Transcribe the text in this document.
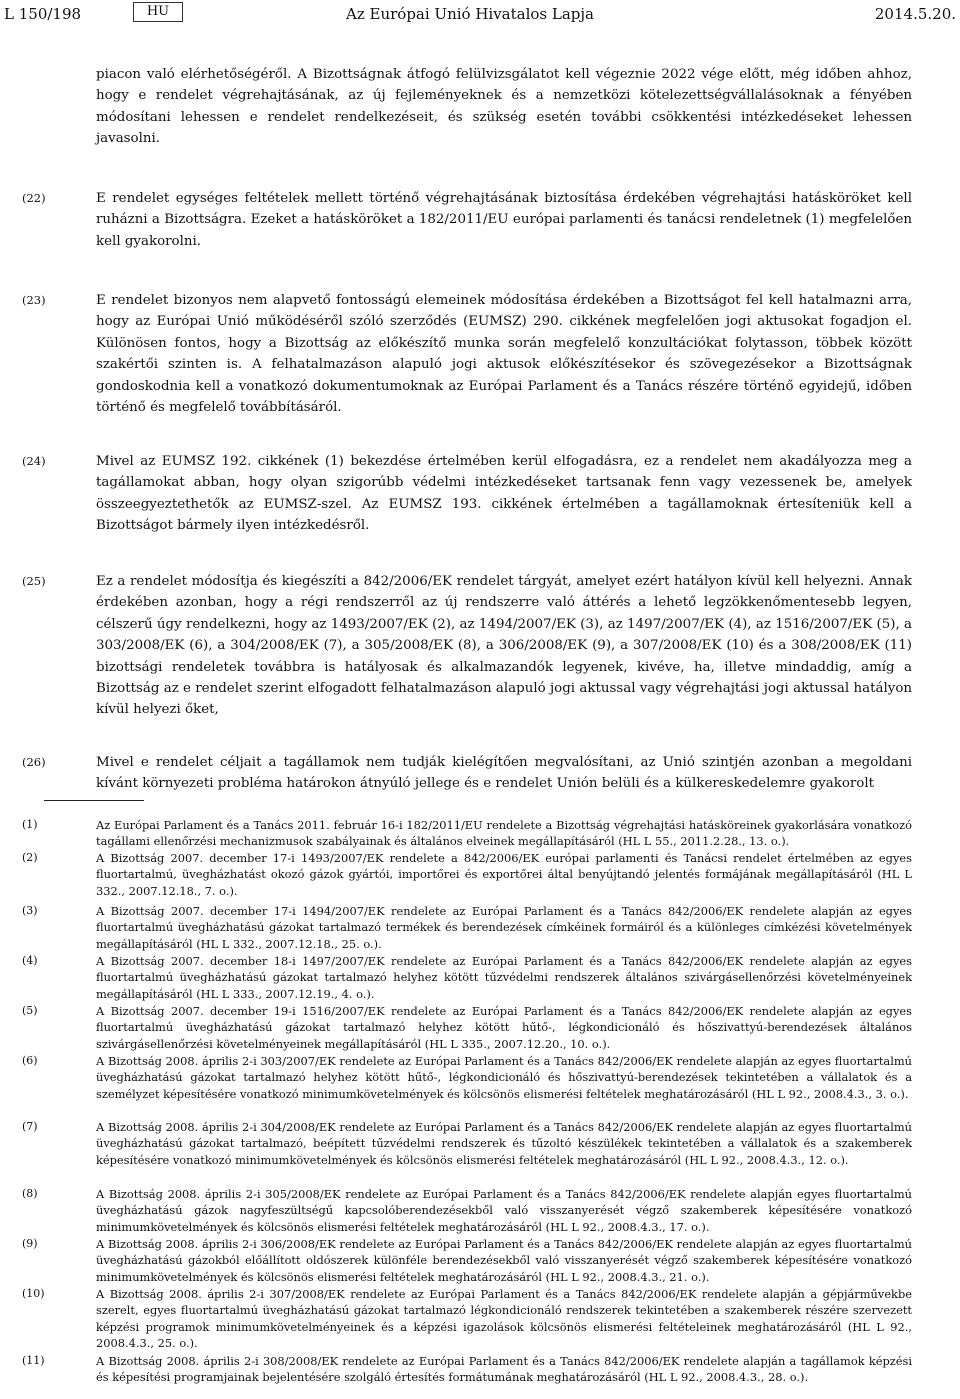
L 150/198	HU	Az Európai Unió Hivatalos Lapja	2014.5.20.
piacon való elérhetőségéről. A Bizottságnak átfogó felülvizsgálatot kell végeznie 2022 vége előtt, még időben ahhoz, hogy e rendelet végrehajtásának, az új fejleményeknek és a nemzetközi kötelezettségvállalásoknak a fényében módosítani lehessen e rendelet rendelkezéseit, és szükség esetén további csökkentési intézkedéseket lehessen javasolni.
(22)	E rendelet egységes feltételek mellett történő végrehajtásának biztosítása érdekében végrehajtási hatásköröket kell ruházni a Bizottságra. Ezeket a hatásköröket a 182/2011/EU európai parlamenti és tanácsi rendeletnek (1) megfelelően kell gyakorolni.
(23)	E rendelet bizonyos nem alapvető fontosságú elemeinek módosítása érdekében a Bizottságot fel kell hatalmazni arra, hogy az Európai Unió működéséről szóló szerződés (EUMSZ) 290. cikkének megfelelően jogi aktusokat fogadjon el. Különösen fontos, hogy a Bizottság az előkészítő munka során megfelelő konzultációkat folytasson, többek között szakértői szinten is. A felhatalmazáson alapuló jogi aktusok előkészítésekor és szövegezésekor a Bizottságnak gondoskodnia kell a vonatkozó dokumentumoknak az Európai Parlament és a Tanács részére történő egyidejű, időben történő és megfelelő továbbításáról.
(24)	Mivel az EUMSZ 192. cikkének (1) bekezdése értelmében kerül elfogadásra, ez a rendelet nem akadályozza meg a tagállamokat abban, hogy olyan szigorúbb védelmi intézkedéseket tartsanak fenn vagy vezessenek be, amelyek összeegyeztethetők az EUMSZ-szel. Az EUMSZ 193. cikkének értelmében a tagállamoknak értesíteniük kell a Bizottságot bármely ilyen intézkedésről.
(25)	Ez a rendelet módosítja és kiegészíti a 842/2006/EK rendelet tárgyát, amelyet ezért hatályon kívül kell helyezni. Annak érdekében azonban, hogy a régi rendszerről az új rendszerre való áttérés a lehető legzökkenőmentesebb legyen, célszerű úgy rendelkezni, hogy az 1493/2007/EK (2), az 1494/2007/EK (3), az 1497/2007/EK (4), az 1516/2007/EK (5), a 303/2008/EK (6), a 304/2008/EK (7), a 305/2008/EK (8), a 306/2008/EK (9), a 307/2008/EK (10) és a 308/2008/EK (11) bizottsági rendeletek továbbra is hatályosak és alkalmazandók legyenek, kivéve, ha, illetve mindaddig, amíg a Bizottság az e rendelet szerint elfogadott felhatalmazáson alapuló jogi aktussal vagy végrehajtási jogi aktussal hatályon kívül helyezi őket,
(26)	Mivel e rendelet céljait a tagállamok nem tudják kielégítően megvalósítani, az Unió szintjén azonban a megoldani kívánt környezeti probléma határokon átnyúló jellege és e rendelet Unión belüli és a külkereskedelemre gyakorolt
(1)	Az Európai Parlament és a Tanács 2011. február 16-i 182/2011/EU rendelete a Bizottság végrehajtási hatásköreinek gyakorlására vonatkozó tagállami ellenőrzési mechanizmusok szabályainak és általános elveinek megállapításáról (HL L 55., 2011.2.28., 13. o.).
(2)	A Bizottság 2007. december 17-i 1493/2007/EK rendelete a 842/2006/EK európai parlamenti és Tanácsi rendelet értelmében az egyes fluortartalmú, üvegházhatást okozó gázok gyártói, importőrei és exportőrei által benyújtandó jelentés formájának megállapításáról (HL L 332., 2007.12.18., 7. o.).
(3)	A Bizottság 2007. december 17-i 1494/2007/EK rendelete az Európai Parlament és a Tanács 842/2006/EK rendelete alapján az egyes fluortartalmú üvegházhatású gázokat tartalmazó termékek és berendezések címkéinek formáiról és a különleges címkézési követelmények megállapításáról (HL L 332., 2007.12.18., 25. o.).
(4)	A Bizottság 2007. december 18-i 1497/2007/EK rendelete az Európai Parlament és a Tanács 842/2006/EK rendelete alapján az egyes fluortartalmú üvegházhatású gázokat tartalmazó helyhez kötött tűzvédelmi rendszerek általános szivárgásellenőrzési követelményeinek megállapításáról (HL L 333., 2007.12.19., 4. o.).
(5)	A Bizottság 2007. december 19-i 1516/2007/EK rendelete az Európai Parlament és a Tanács 842/2006/EK rendelete alapján az egyes fluortartalmú üvegházhatású gázokat tartalmazó helyhez kötött hűtő-, légkondicionáló és hőszivattyú-berendezések általános szivárgásellenőrzési követelményeinek megállapításáról (HL L 335., 2007.12.20., 10. o.).
(6)	A Bizottság 2008. április 2-i 303/2007/EK rendelete az Európai Parlament és a Tanács 842/2006/EK rendelete alapján az egyes fluortartalmú üvegházhatású gázokat tartalmazó helyhez kötött hűtő-, légkondicionáló és hőszivattyú-berendezések tekintetében a vállalatok és a személyzet képesítésére vonatkozó minimumkövetelmények és kölcsönös elismerési feltételek meghatározásáról (HL L 92., 2008.4.3., 3. o.).
(7)	A Bizottság 2008. április 2-i 304/2008/EK rendelete az Európai Parlament és a Tanács 842/2006/EK rendelete alapján az egyes fluortartalmú üvegházhatású gázokat tartalmazó, beépített tűzvédelmi rendszerek és tűzoltó készülékek tekintetében a vállalatok és a szakemberek képesítésére vonatkozó minimumkövetelmények és kölcsönös elismerési feltételek meghatározásáról (HL L 92., 2008.4.3., 12. o.).
(8)	A Bizottság 2008. április 2-i 305/2008/EK rendelete az Európai Parlament és a Tanács 842/2006/EK rendelete alapján egyes fluortartalmú üvegházhatású gázok nagyfeszültségű kapcsolóberendezésekből való visszanyerését végző szakemberek képesítésére vonatkozó minimumkövetelmények és kölcsönös elismerési feltételek meghatározásáról (HL L 92., 2008.4.3., 17. o.).
(9)	A Bizottság 2008. április 2-i 306/2008/EK rendelete az Európai Parlament és a Tanács 842/2006/EK rendelete alapján az egyes fluortartalmú üvegházhatású gázokból előállított oldószerek különféle berendezésekből való visszanyerését végző szakemberek képesítésére vonatkozó minimumkövetelmények és kölcsönös elismerési feltételek meghatározásáról (HL L 92., 2008.4.3., 21. o.).
(10)	A Bizottság 2008. április 2-i 307/2008/EK rendelete az Európai Parlament és a Tanács 842/2006/EK rendelete alapján a gépjárművekbe szerelt, egyes fluortartalmú üvegházhatású gázokat tartalmazó légkondicionáló rendszerek tekintetében a szakemberek részére szervezett képzési programok minimumkövetelményeinek és a képzési igazolások kölcsönös elismerési feltételeinek meghatározásáról (HL L 92., 2008.4.3., 25. o.).
(11)	A Bizottság 2008. április 2-i 308/2008/EK rendelete az Európai Parlament és a Tanács 842/2006/EK rendelete alapján a tagállamok képzési és képesítési programjainak bejelentésére szolgáló értesítés formátumának meghatározásáról (HL L 92., 2008.4.3., 28. o.).
